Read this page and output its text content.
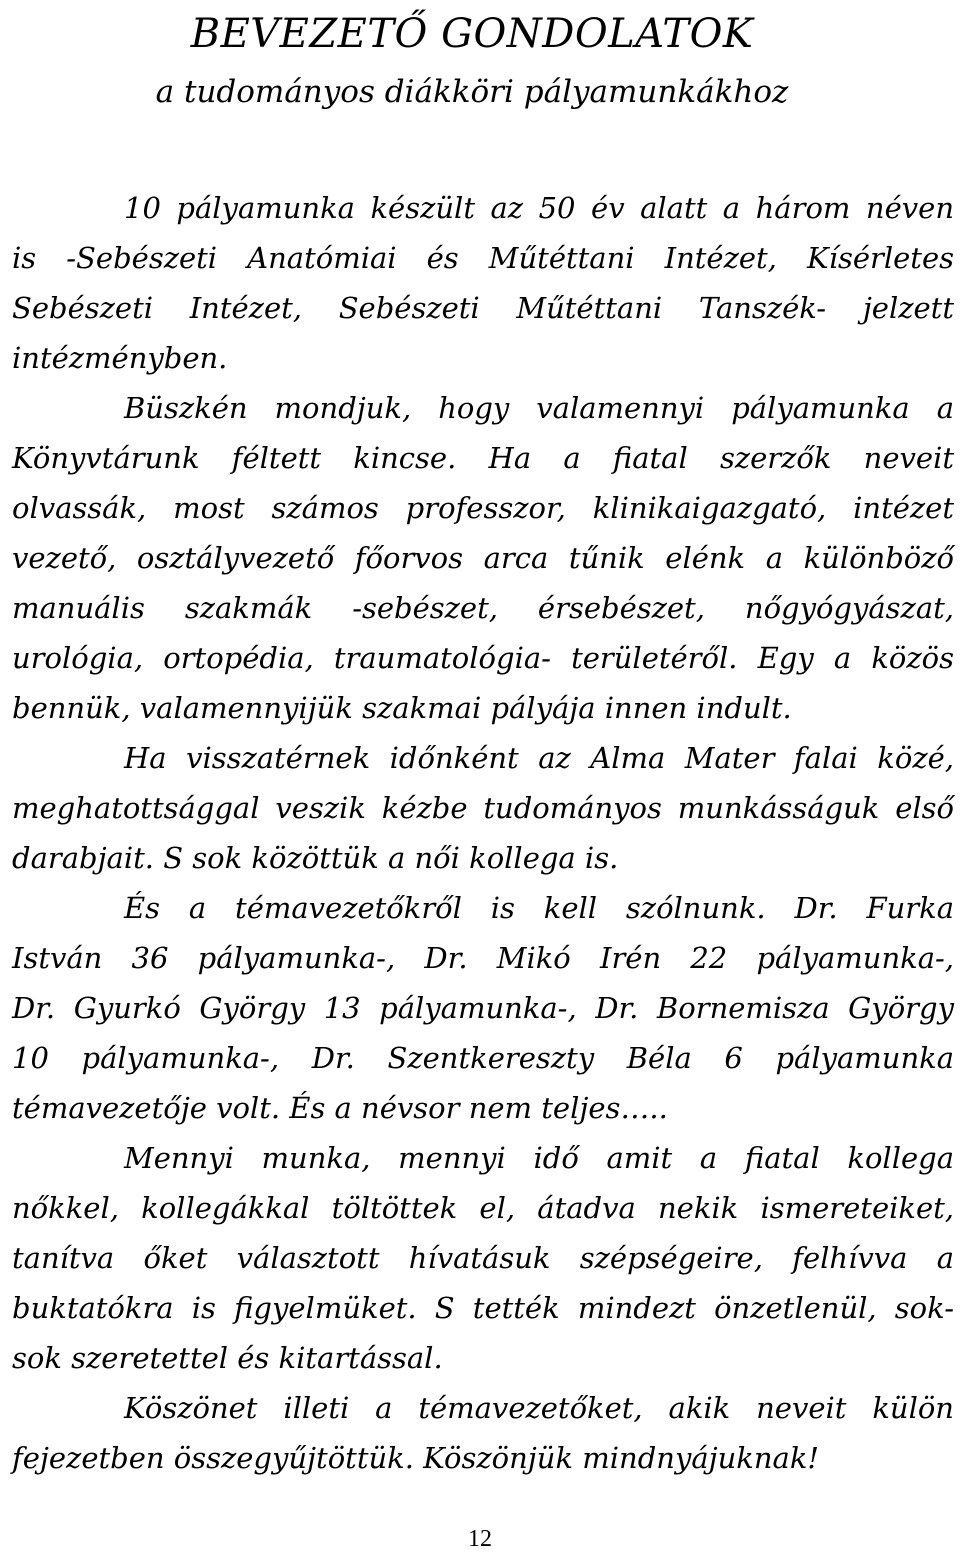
BEVEZETŐ GONDOLATOK
a tudományos diákköri pályamunkákhoz
10 pályamunka készült az 50 év alatt a három néven
is -Sebészeti Anatómiai és Műtéttani Intézet, Kísérletes
Sebészeti Intézet, Sebészeti Műtéttani Tanszék- jelzett
intézményben.
Büszkén mondjuk, hogy valamennyi pályamunka a
Könyvtárunk féltett kincse. Ha a fiatal szerzők neveit
olvassák, most számos professzor, klinikaigazgató, intézet
vezető, osztályvezető főorvos arca tűnik elénk a különböző
manuális szakmák -sebészet, érsebészet, nőgyógyászat,
urológia, ortopédia, traumatológia- területéről. Egy a közös
bennük, valamennyijük szakmai pályája innen indult.
Ha visszatérnek időnként az Alma Mater falai közé,
meghatottsággal veszik kézbe tudományos munkásságuk első
darabjait. S sok közöttük a női kollega is.
És a témavezetőkről is kell szólnunk. Dr. Furka
István 36 pályamunka-, Dr. Mikó Irén 22 pályamunka-,
Dr. Gyurkó György 13 pályamunka-, Dr. Bornemisza György
10 pályamunka-, Dr. Szentkereszty Béla 6 pályamunka
témavezetője volt. És a névsor nem teljes…..
Mennyi munka, mennyi idő amit a fiatal kollega
nőkkel, kollegákkal töltöttek el, átadva nekik ismereteiket,
tanítva őket választott hívatásuk szépségeire, felhívva a
buktatókra is figyelmüket. S tették mindezt önzetlenül, sok-
sok szeretettel és kitartással.
Köszönet illeti a témavezetőket, akik neveit külön
fejezetben összegyűjtöttük. Köszönjük mindnyájuknak!
12
